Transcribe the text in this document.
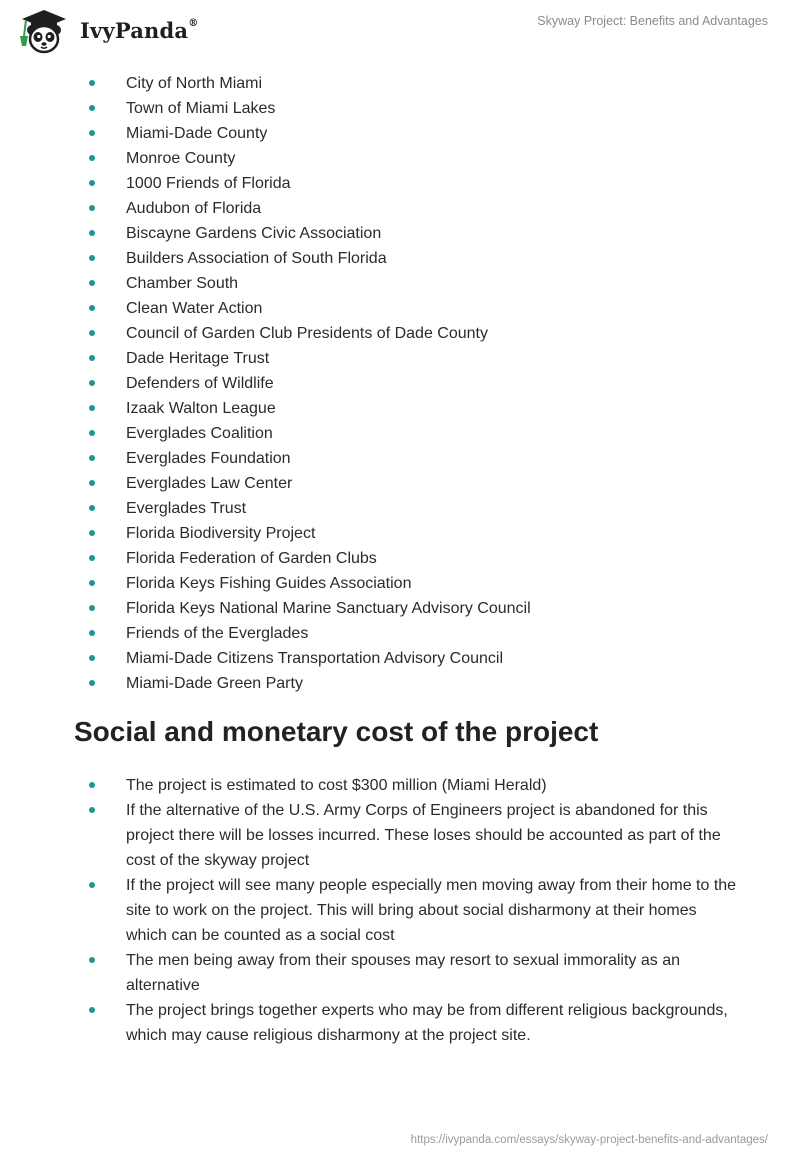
IvyPanda®	Skyway Project: Benefits and Advantages
City of North Miami
Town of Miami Lakes
Miami-Dade County
Monroe County
1000 Friends of Florida
Audubon of Florida
Biscayne Gardens Civic Association
Builders Association of South Florida
Chamber South
Clean Water Action
Council of Garden Club Presidents of Dade County
Dade Heritage Trust
Defenders of Wildlife
Izaak Walton League
Everglades Coalition
Everglades Foundation
Everglades Law Center
Everglades Trust
Florida Biodiversity Project
Florida Federation of Garden Clubs
Florida Keys Fishing Guides Association
Florida Keys National Marine Sanctuary Advisory Council
Friends of the Everglades
Miami-Dade Citizens Transportation Advisory Council
Miami-Dade Green Party
Social and monetary cost of the project
The project is estimated to cost $300 million (Miami Herald)
If the alternative of the U.S. Army Corps of Engineers project is abandoned for this project there will be losses incurred. These loses should be accounted as part of the cost of the skyway project
If the project will see many people especially men moving away from their home to the site to work on the project. This will bring about social disharmony at their homes which can be counted as a social cost
The men being away from their spouses may resort to sexual immorality as an alternative
The project brings together experts who may be from different religious backgrounds, which may cause religious disharmony at the project site.
https://ivypanda.com/essays/skyway-project-benefits-and-advantages/
